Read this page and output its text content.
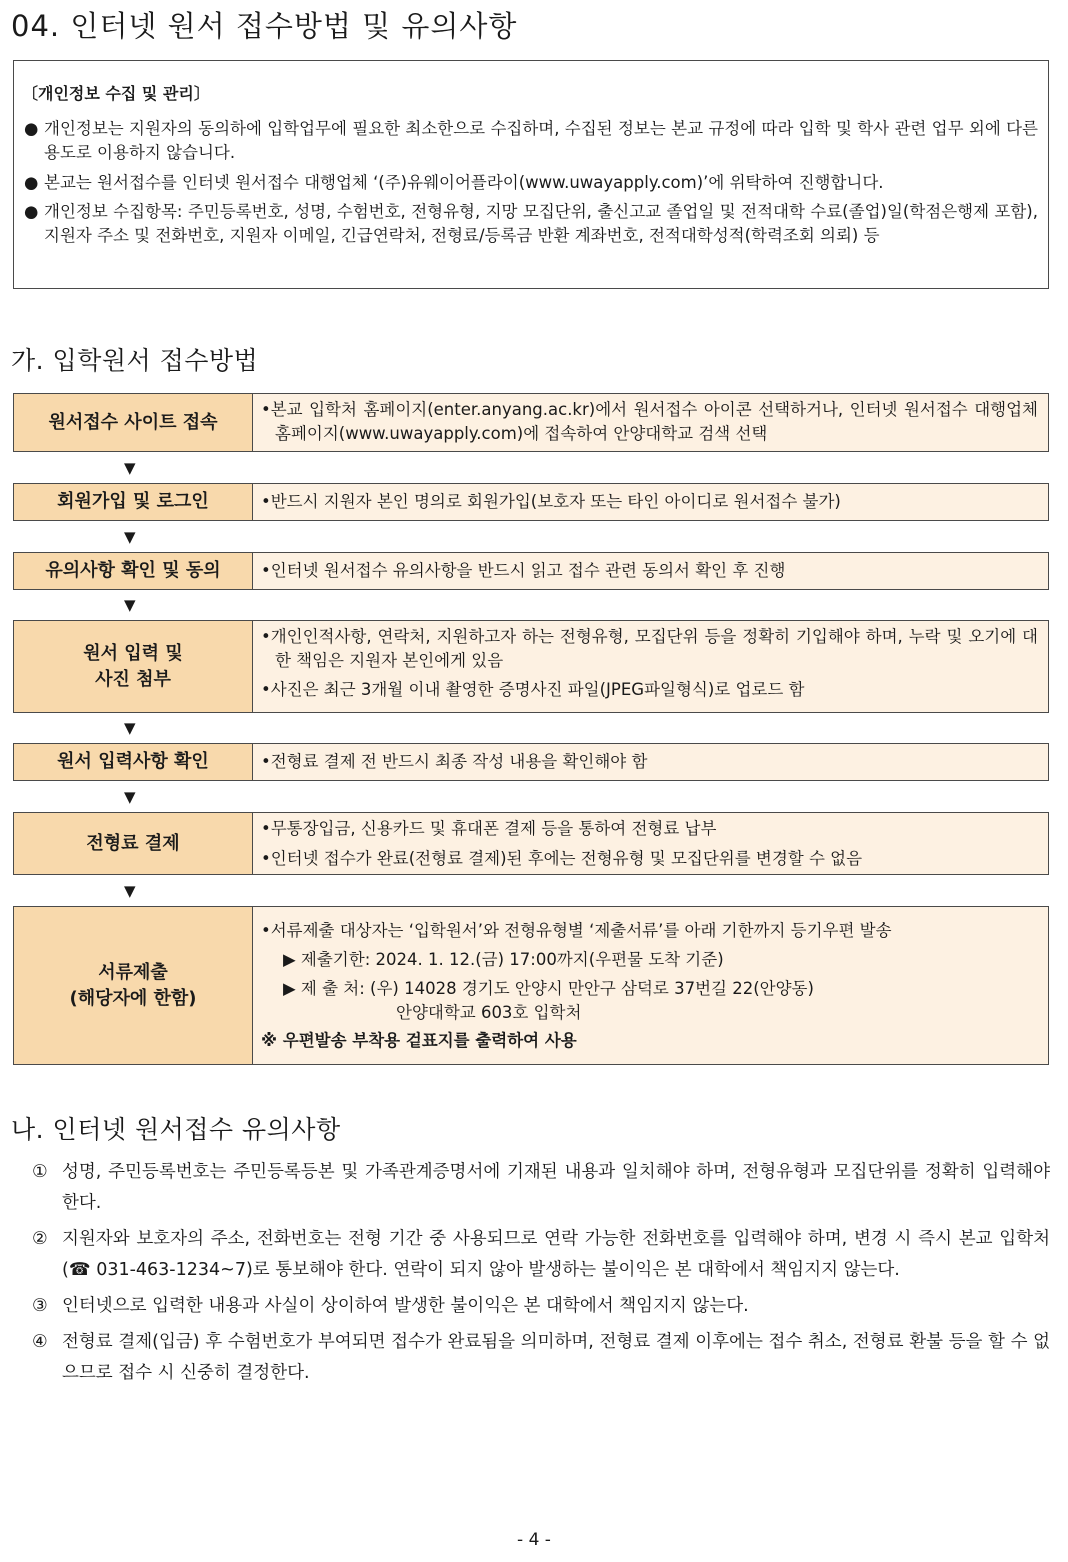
04. 인터넷 원서 접수방법 및 유의사항
〔개인정보 수집 및 관리〕
● 개인정보는 지원자의 동의하에 입학업무에 필요한 최소한으로 수집하며, 수집된 정보는 본교 규정에 따라 입학 및 학사 관련 업무 외에 다른 용도로 이용하지 않습니다.
● 본교는 원서접수를 인터넷 원서접수 대행업체 ‘(주)유웨이어플라이(www.uwayapply.com)’에 위탁하여 진행합니다.
● 개인정보 수집항목: 주민등록번호, 성명, 수험번호, 전형유형, 지망 모집단위, 출신고교 졸업일 및 전적대학 수료(졸업)일(학점은행제 포함), 지원자 주소 및 전화번호, 지원자 이메일, 긴급연락처, 전형료/등록금 반환 계좌번호, 전적대학성적(학력조회 의뢰) 등
가. 입학원서 접수방법
원서접수 사이트 접속
•본교 입학처 홈페이지(enter.anyang.ac.kr)에서 원서접수 아이콘 선택하거나, 인터넷 원서접수 대행업체 홈페이지(www.uwayapply.com)에 접속하여 안양대학교 검색 선택
▼
회원가입 및 로그인	•반드시 지원자 본인 명의로 회원가입(보호자 또는 타인 아이디로 원서접수 불가)
▼
유의사항 확인 및 동의	•인터넷 원서접수 유의사항을 반드시 읽고 접수 관련 동의서 확인 후 진행
▼
원서 입력 및
사진 첨부
•개인인적사항, 연락처, 지원하고자 하는 전형유형, 모집단위 등을 정확히 기입해야 하며, 누락 및 오기에 대한 책임은 지원자 본인에게 있음
•사진은 최근 3개월 이내 촬영한 증명사진 파일(JPEG파일형식)로 업로드 함
▼
원서 입력사항 확인	•전형료 결제 전 반드시 최종 작성 내용을 확인해야 함
▼
전형료 결제
•무통장입금, 신용카드 및 휴대폰 결제 등을 통하여 전형료 납부
•인터넷 접수가 완료(전형료 결제)된 후에는 전형유형 및 모집단위를 변경할 수 없음
▼
서류제출
(해당자에 한함)
•서류제출 대상자는 ‘입학원서’와 전형유형별 ‘제출서류’를 아래 기한까지 등기우편 발송
▶ 제출기한: 2024. 1. 12.(금) 17:00까지(우편물 도착 기준)
▶ 제 출 처: (우) 14028 경기도 안양시 만안구 삼덕로 37번길 22(안양동)
안양대학교 603호 입학처
※ 우편발송 부착용 겉표지를 출력하여 사용
나. 인터넷 원서접수 유의사항
① 성명, 주민등록번호는 주민등록등본 및 가족관계증명서에 기재된 내용과 일치해야 하며, 전형유형과 모집단위를 정확히 입력해야 한다.
② 지원자와 보호자의 주소, 전화번호는 전형 기간 중 사용되므로 연락 가능한 전화번호를 입력해야 하며, 변경 시 즉시 본교 입학처(☎ 031-463-1234~7)로 통보해야 한다. 연락이 되지 않아 발생하는 불이익은 본 대학에서 책임지지 않는다.
③ 인터넷으로 입력한 내용과 사실이 상이하여 발생한 불이익은 본 대학에서 책임지지 않는다.
④ 전형료 결제(입금) 후 수험번호가 부여되면 접수가 완료됨을 의미하며, 전형료 결제 이후에는 접수 취소, 전형료 환불 등을 할 수 없으므로 접수 시 신중히 결정한다.
- 4 -
